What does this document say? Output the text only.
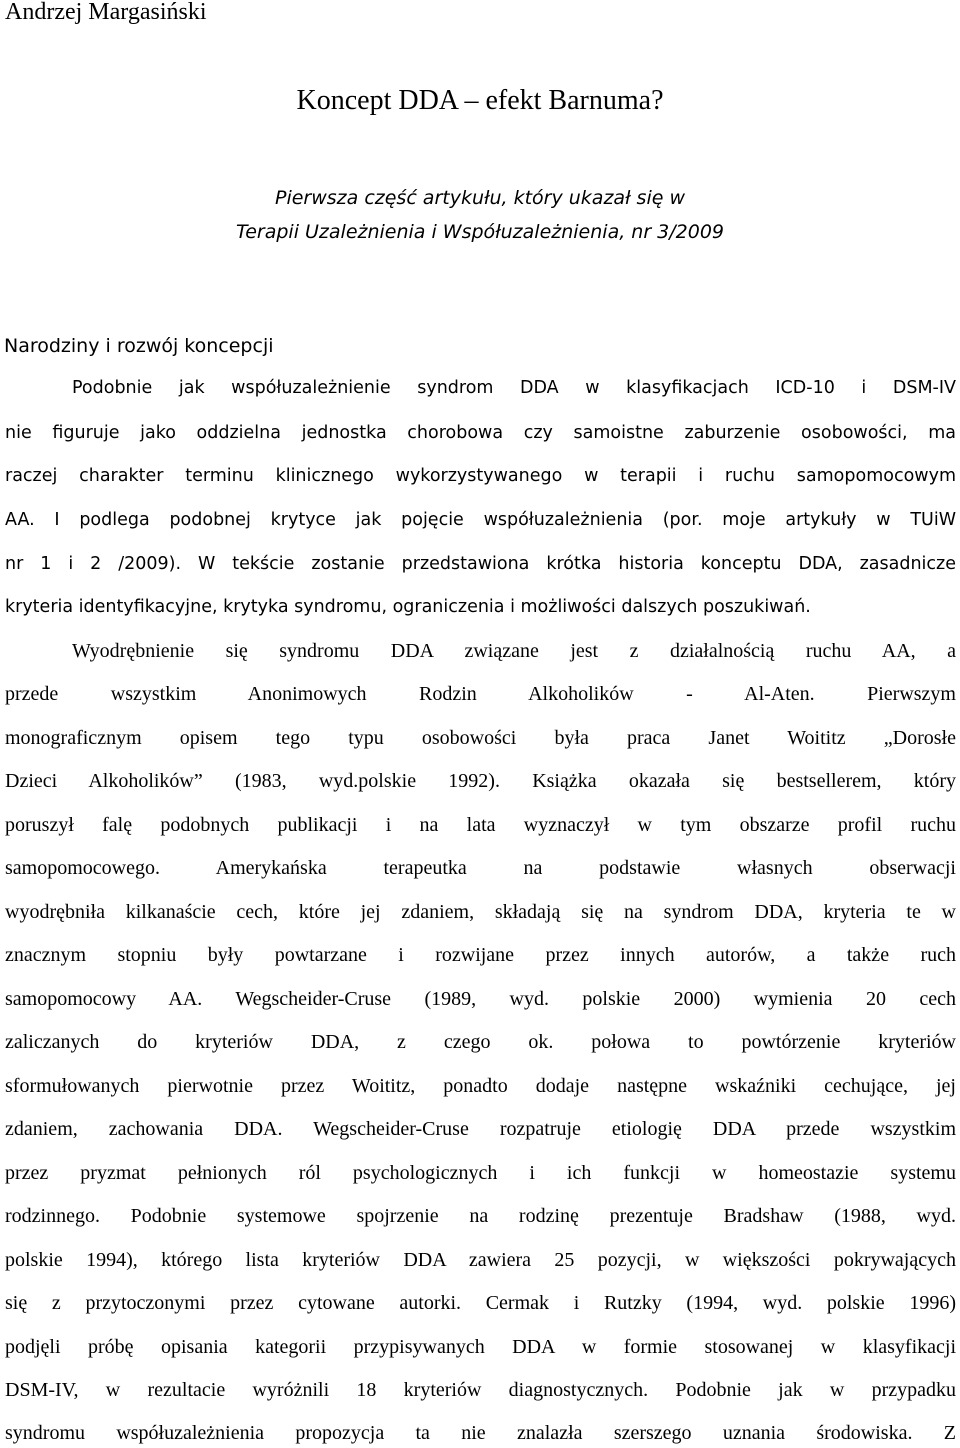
Andrzej Margasiński
Koncept DDA – efekt Barnuma?
Pierwsza część artykułu, który ukazał się w
Terapii Uzależnienia i Współuzależnienia, nr 3/2009
Narodziny i rozwój koncepcji
Podobnie jak współuzależnienie syndrom DDA w klasyfikacjach ICD-10 i DSM-IV
nie figuruje jako oddzielna jednostka chorobowa czy samoistne zaburzenie osobowości, ma
raczej charakter terminu klinicznego wykorzystywanego w terapii i ruchu samopomocowym
AA. I podlega podobnej krytyce jak pojęcie współuzależnienia (por. moje artykuły w TUiW
nr 1 i 2 /2009). W tekście zostanie przedstawiona krótka historia konceptu DDA, zasadnicze
kryteria identyfikacyjne, krytyka syndromu, ograniczenia i możliwości dalszych poszukiwań.
Wyodrębnienie się syndromu DDA związane jest z działalnością ruchu AA, a
przede wszystkim Anonimowych Rodzin Alkoholików - Al-Aten. Pierwszym
monograficznym opisem tego typu osobowości była praca Janet Woititz „Dorosłe
Dzieci Alkoholików” (1983, wyd.polskie 1992). Książka okazała się bestsellerem, który
poruszył falę podobnych publikacji i na lata wyznaczył w tym obszarze profil ruchu
samopomocowego. Amerykańska terapeutka na podstawie własnych obserwacji
wyodrębniła kilkanaście cech, które jej zdaniem, składają się na syndrom DDA, kryteria te w
znacznym stopniu były powtarzane i rozwijane przez innych autorów, a także ruch
samopomocowy AA. Wegscheider-Cruse (1989, wyd. polskie 2000) wymienia 20 cech
zaliczanych do kryteriów DDA, z czego ok. połowa to powtórzenie kryteriów
sformułowanych pierwotnie przez Woititz, ponadto dodaje następne wskaźniki cechujące, jej
zdaniem, zachowania DDA. Wegscheider-Cruse rozpatruje etiologię DDA przede wszystkim
przez pryzmat pełnionych ról psychologicznych i ich funkcji w homeostazie systemu
rodzinnego. Podobnie systemowe spojrzenie na rodzinę prezentuje Bradshaw (1988, wyd.
polskie 1994), którego lista kryteriów DDA zawiera 25 pozycji, w większości pokrywających
się z przytoczonymi przez cytowane autorki. Cermak i Rutzky (1994, wyd. polskie 1996)
podjęli próbę opisania kategorii przypisywanych DDA w formie stosowanej w klasyfikacji
DSM-IV, w rezultacie wyróżnili 18 kryteriów diagnostycznych. Podobnie jak w przypadku
syndromu współuzależnienia propozycja ta nie znalazła szerszego uznania środowiska. Z
